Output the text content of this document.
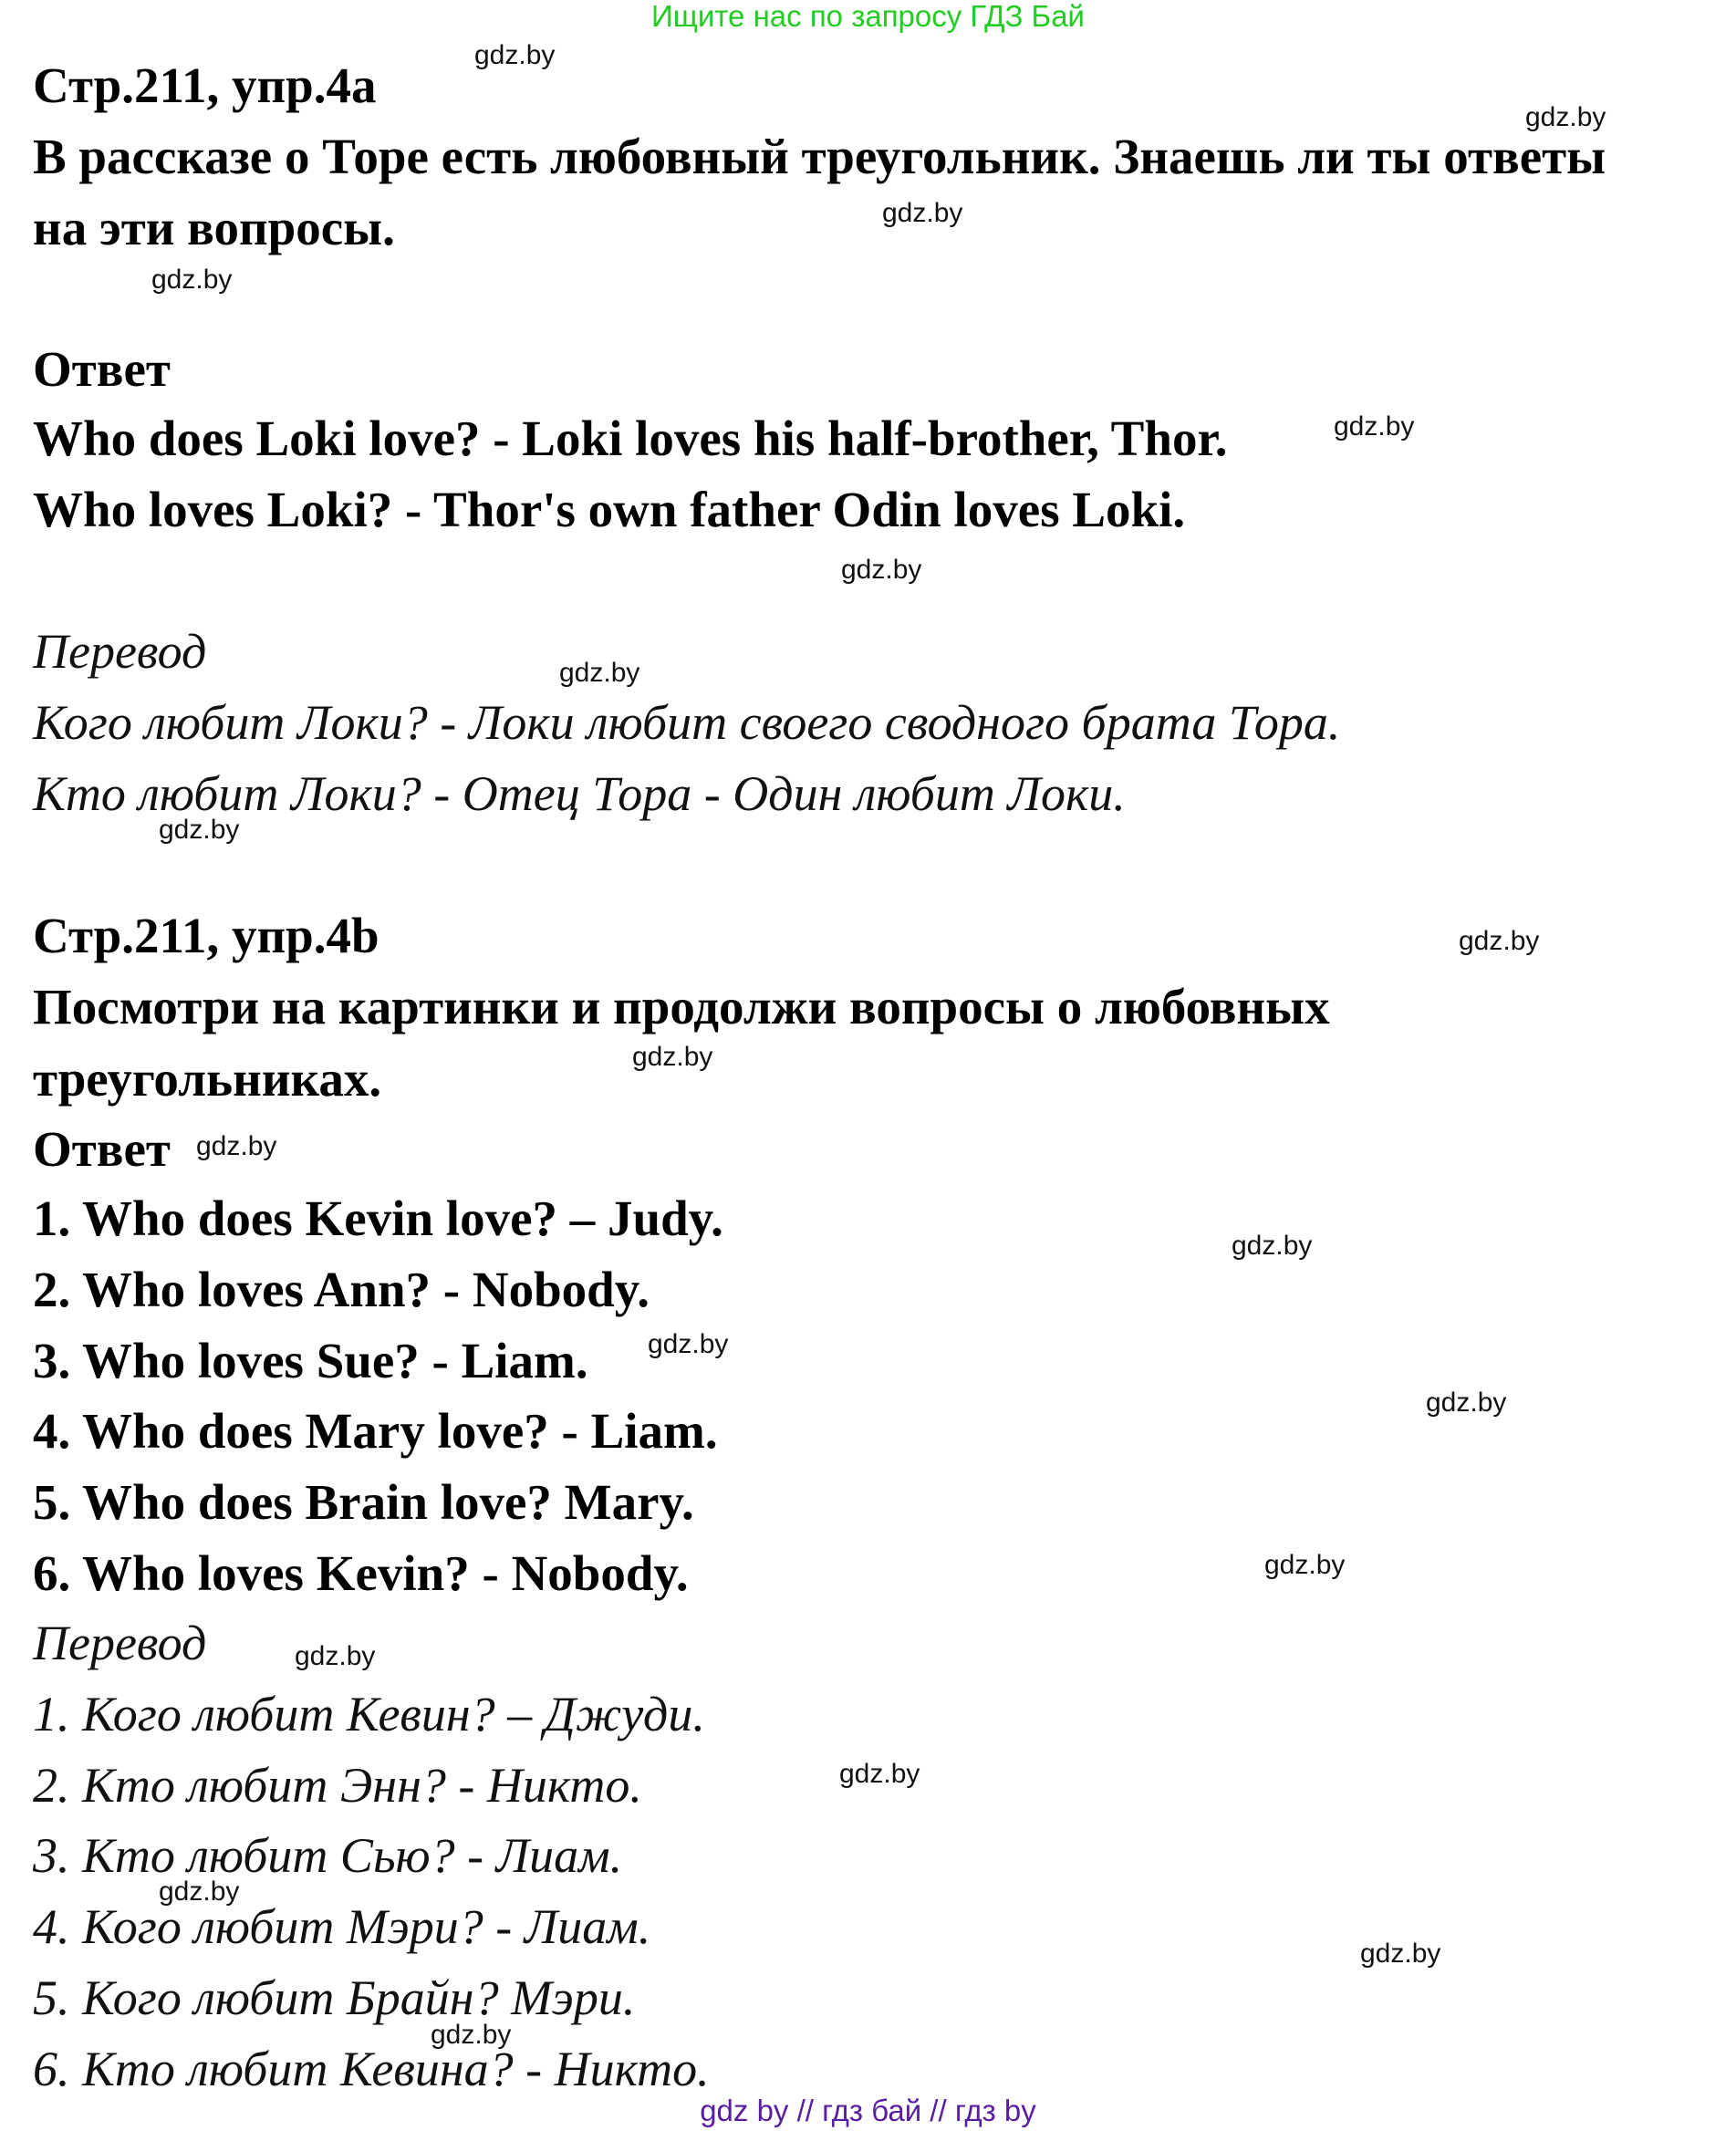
Ищите нас по запросу ГДЗ Бай
Стр.211, упр.4a
В рассказе о Торе есть любовный треугольник. Знаешь ли ты ответы
на эти вопросы.
Ответ
Who does Loki love? - Loki loves his half-brother, Thor.
Who loves Loki? - Thor's own father Odin loves Loki.
Перевод
Кого любит Локи? - Локи любит своего сводного брата Тора.
Кто любит Локи? - Отец Тора - Один любит Локи.
Стр.211, упр.4b
Посмотри на картинки и продолжи вопросы о любовных
треугольниках.
Ответ
1. Who does Kevin love? – Judy.
2. Who loves Ann? - Nobody.
3. Who loves Sue? - Liam.
4. Who does Mary love? - Liam.
5. Who does Brain love? Mary.
6. Who loves Kevin? - Nobody.
Перевод
1. Кого любит Кевин? – Джуди.
2. Кто любит Энн? - Никто.
3. Кто любит Сью? - Лиам.
4. Кого любит Мэри? - Лиам.
5. Кого любит Брайн? Мэри.
6. Кто любит Кевина? - Никто.
gdz.by
gdz.by
gdz.by
gdz.by
gdz.by
gdz.by
gdz.by
gdz.by
gdz.by
gdz.by
gdz.by
gdz.by
gdz.by
gdz.by
gdz.by
gdz.by
gdz.by
gdz.by
gdz.by
gdz.by
gdz by // гдз бай // гдз by
